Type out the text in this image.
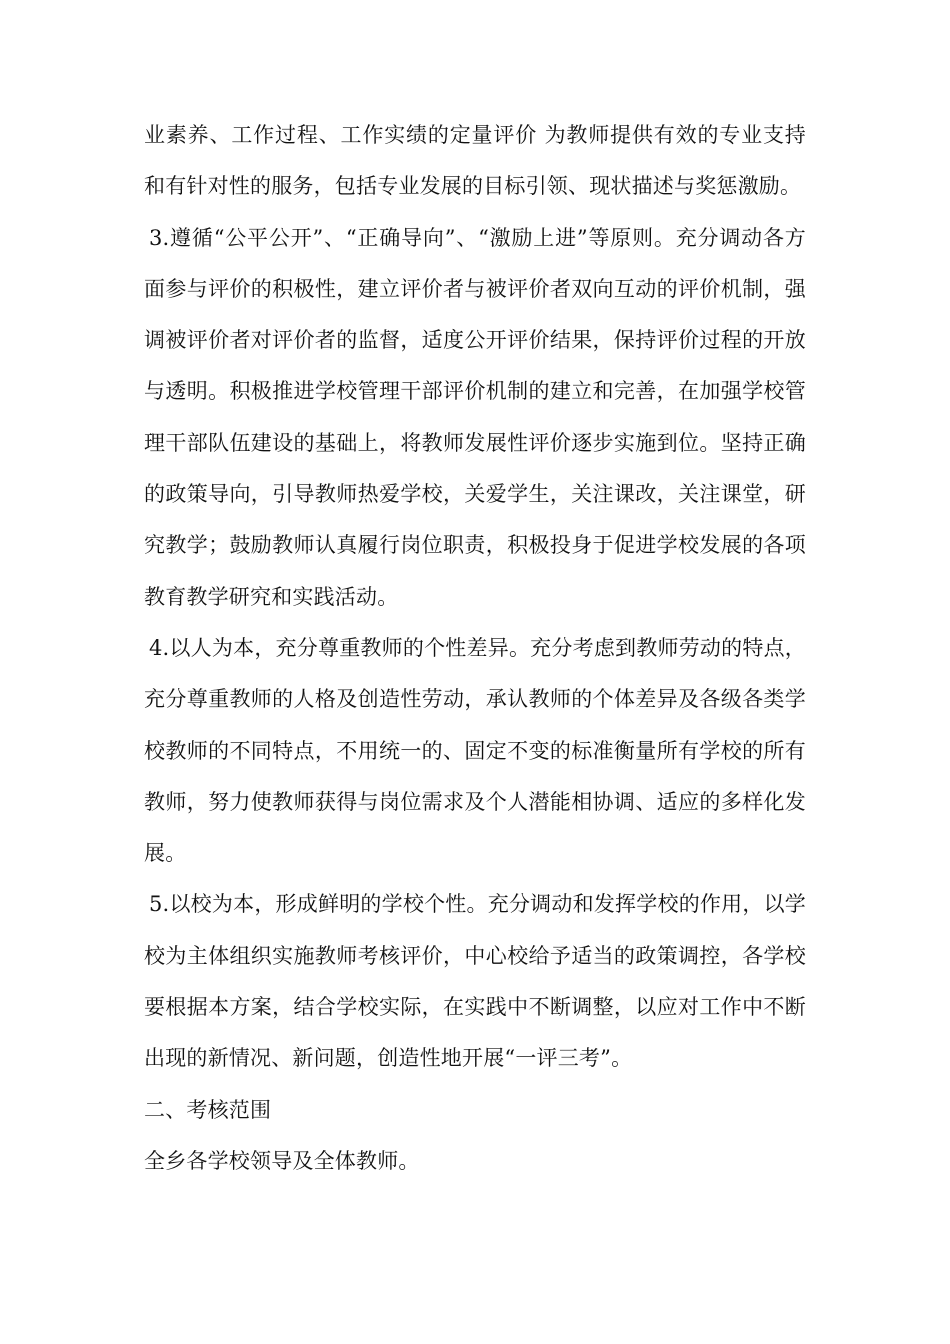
业素养、工作过程、工作实绩的定量评价 为教师提供有效的专业支持和有针对性的服务，包括专业发展的目标引领、现状描述与奖惩激励。

3.遵循“公平公开”、“正确导向”、“激励上进”等原则。充分调动各方面参与评价的积极性，建立评价者与被评价者双向互动的评价机制，强调被评价者对评价者的监督，适度公开评价结果，保持评价过程的开放与透明。积极推进学校管理干部评价机制的建立和完善，在加强学校管理干部队伍建设的基础上，将教师发展性评价逐步实施到位。坚持正确的政策导向，引导教师热爱学校，关爱学生，关注课改，关注课堂，研究教学；鼓励教师认真履行岗位职责，积极投身于促进学校发展的各项教育教学研究和实践活动。

4.以人为本，充分尊重教师的个性差异。充分考虑到教师劳动的特点，充分尊重教师的人格及创造性劳动，承认教师的个体差异及各级各类学校教师的不同特点，不用统一的、固定不变的标准衡量所有学校的所有教师，努力使教师获得与岗位需求及个人潜能相协调、适应的多样化发展。

5.以校为本，形成鲜明的学校个性。充分调动和发挥学校的作用，以学校为主体组织实施教师考核评价，中心校给予适当的政策调控，各学校要根据本方案，结合学校实际，在实践中不断调整，以应对工作中不断出现的新情况、新问题，创造性地开展“一评三考”。

二、考核范围

全乡各学校领导及全体教师。
